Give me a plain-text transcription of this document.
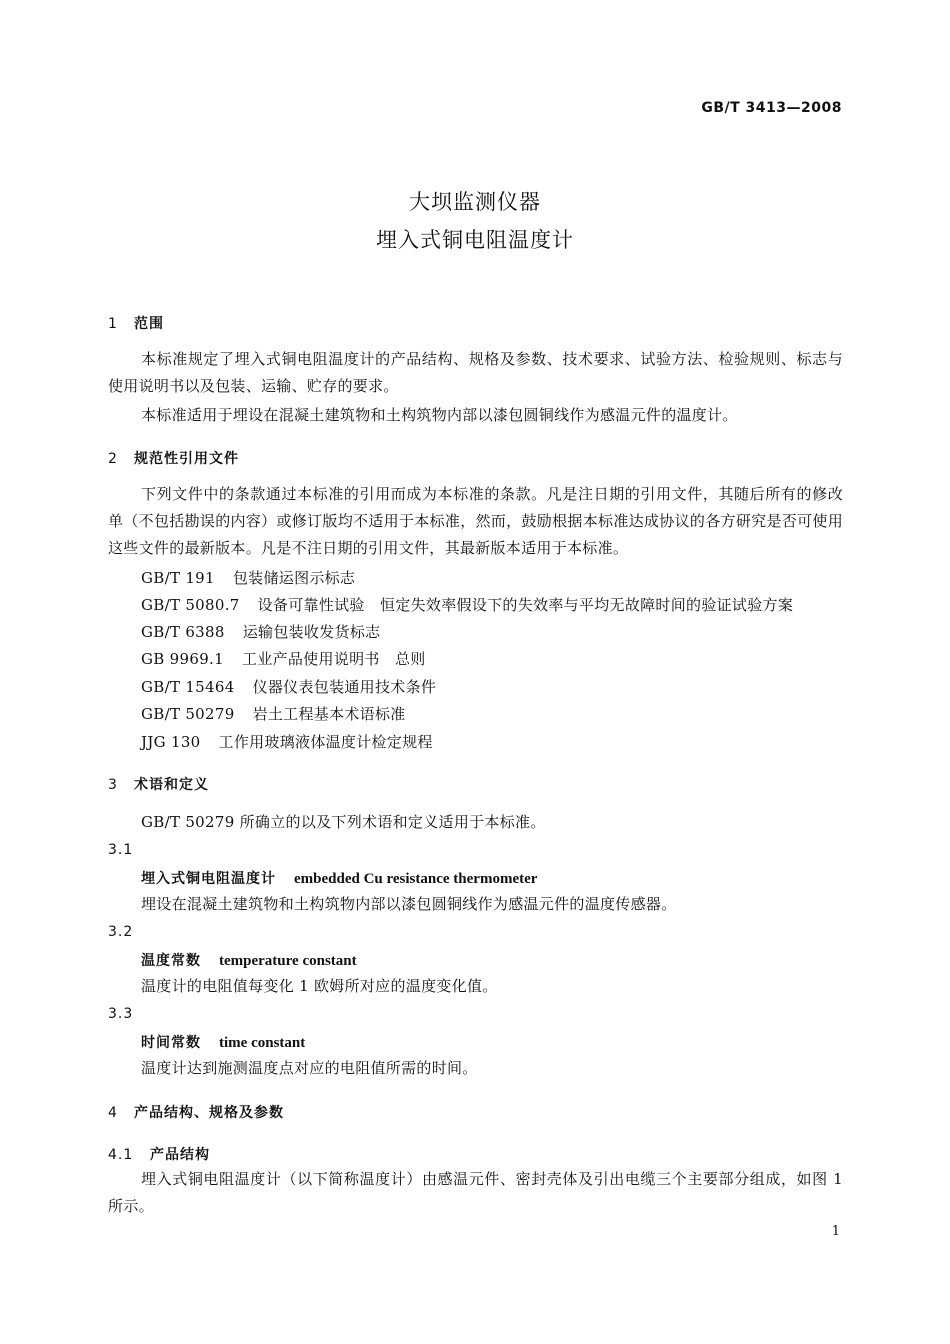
GB/T 3413—2008
大坝监测仪器
埋入式铜电阻温度计
1 范围
本标准规定了埋入式铜电阻温度计的产品结构、规格及参数、技术要求、试验方法、检验规则、标志与使用说明书以及包装、运输、贮存的要求。
本标准适用于埋设在混凝土建筑物和土构筑物内部以漆包圆铜线作为感温元件的温度计。
2 规范性引用文件
下列文件中的条款通过本标准的引用而成为本标准的条款。凡是注日期的引用文件，其随后所有的修改单（不包括勘误的内容）或修订版均不适用于本标准，然而，鼓励根据本标准达成协议的各方研究是否可使用这些文件的最新版本。凡是不注日期的引用文件，其最新版本适用于本标准。
GB/T 191 包装储运图示标志
GB/T 5080.7 设备可靠性试验　恒定失效率假设下的失效率与平均无故障时间的验证试验方案
GB/T 6388 运输包装收发货标志
GB 9969.1 工业产品使用说明书　总则
GB/T 15464 仪器仪表包装通用技术条件
GB/T 50279 岩土工程基本术语标准
JJG 130 工作用玻璃液体温度计检定规程
3 术语和定义
GB/T 50279 所确立的以及下列术语和定义适用于本标准。
3.1
埋入式铜电阻温度计 embedded Cu resistance thermometer
埋设在混凝土建筑物和土构筑物内部以漆包圆铜线作为感温元件的温度传感器。
3.2
温度常数 temperature constant
温度计的电阻值每变化 1 欧姆所对应的温度变化值。
3.3
时间常数 time constant
温度计达到施测温度点对应的电阻值所需的时间。
4 产品结构、规格及参数
4.1 产品结构
埋入式铜电阻温度计（以下简称温度计）由感温元件、密封壳体及引出电缆三个主要部分组成，如图 1 所示。
1
